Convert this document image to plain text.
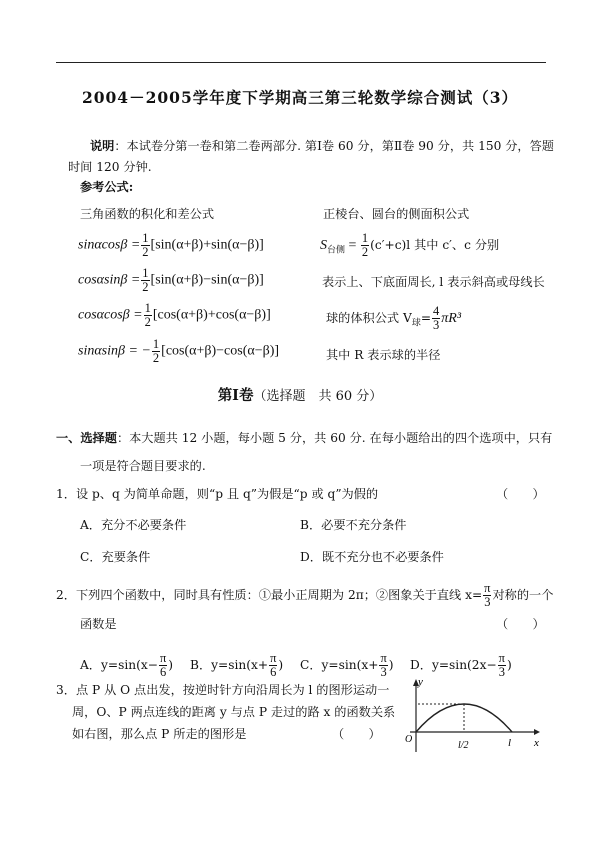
2004－2005学年度下学期高三第三轮数学综合测试（3）
说明：本试卷分第一卷和第二卷两部分. 第Ⅰ卷 60 分，第Ⅱ卷 90 分，共 150 分，答题
时间 120 分钟.
参考公式:
三角函数的积化和差公式	正棱台、圆台的侧面积公式
$\sin\alpha\cos\beta = \frac{1}{2} [\sin(\alpha+\beta)+\sin(\alpha-\beta)]$
$\cos\alpha\sin\beta = \frac{1}{2} [\sin(\alpha+\beta)-\sin(\alpha-\beta)]$
$\cos\alpha\cos\beta = \frac{1}{2} [\cos(\alpha+\beta)+\cos(\alpha-\beta)]$
sinαsinβ = − $\frac{1}{2} [\cos(\alpha+\beta)-\cos(\alpha-\beta)]$
$S_{台侧} = \frac{1}{2} (c'+c)l$ 其中 c′、c 分别
表示上、下底面周长, l 表示斜高或母线长
球的体积公式 $V_球= \frac{4}{3} \pi R^3$
其中 R 表示球的半径
第Ⅰ卷（选择题　共 60 分）
一、选择题：本大题共 12 小题，每小题 5 分，共 60 分. 在每小题给出的四个选项中，只有
一项是符合题目要求的.
1．设 p、q 为简单命题，则“p 且 q”为假是“p 或 q”为假的	（　　）
A．充分不必要条件	B．必要不充分条件
C．充要条件	D．既不充分也不必要条件
2．下列四个函数中，同时具有性质：①最小正周期为 2π；②图象关于直线 $x= \frac{\pi}{3}$ 对称的一个
函数是	（　　）
A．$y=\sin(x- \frac{\pi}{6}$ ) B．$y=\sin(x+ \frac{\pi}{6}$ ) C．$y=\sin(x+ \frac{\pi}{3}$ ) D．$y=\sin(2x- \frac{\pi}{3}$ )
3．点 P 从 O 点出发，按逆时针方向沿周长为 l 的图形运动一
周，O、P 两点连线的距离 y 与点 P 走过的路 x 的函数关系
如右图，那么点 P 所走的图形是	（　　）
y
x
O
l/2	l
